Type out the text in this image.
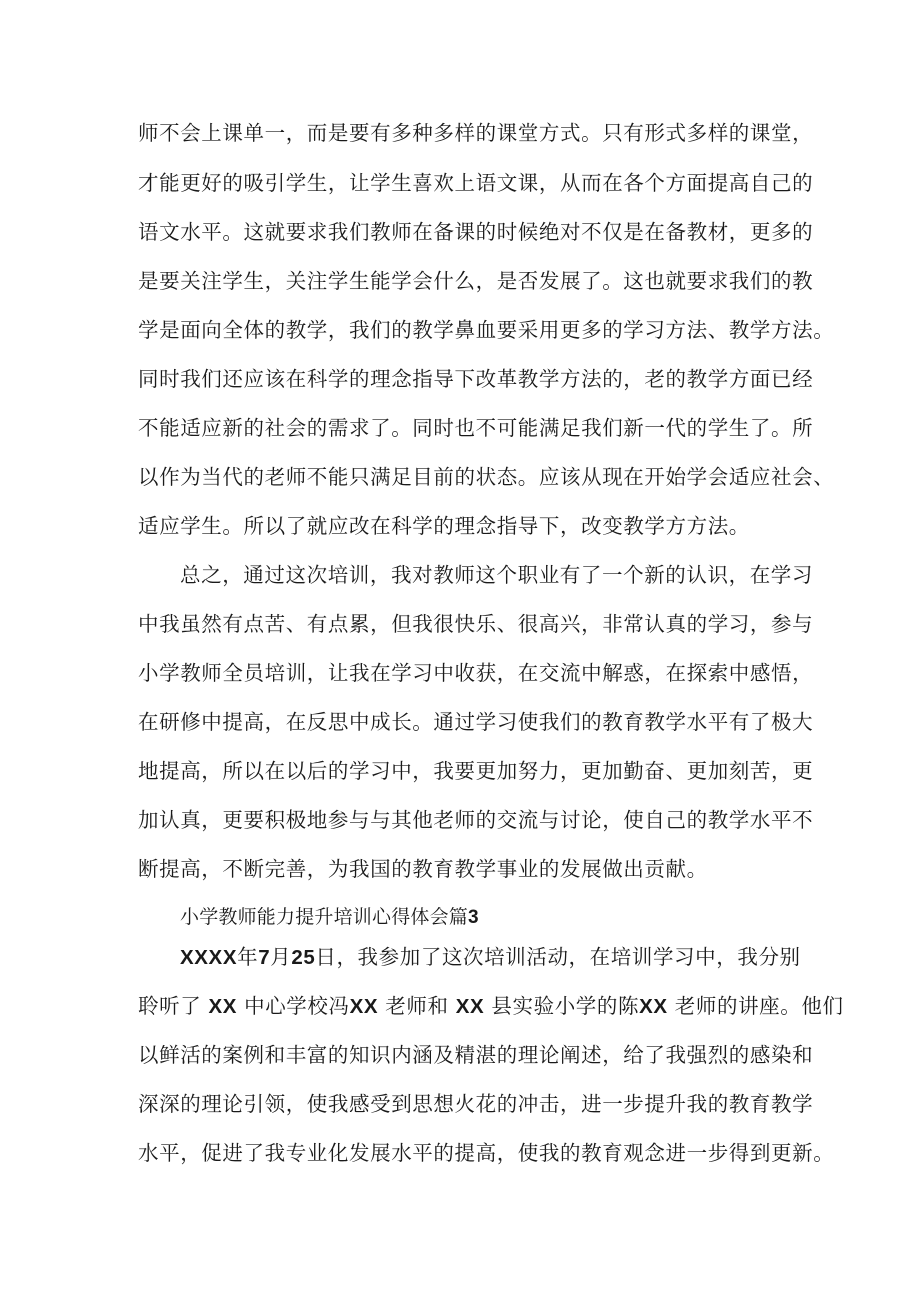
师不会上课单一，而是要有多种多样的课堂方式。只有形式多样的课堂，
才能更好的吸引学生，让学生喜欢上语文课，从而在各个方面提高自己的
语文水平。这就要求我们教师在备课的时候绝对不仅是在备教材，更多的
是要关注学生，关注学生能学会什么，是否发展了。这也就要求我们的教
学是面向全体的教学，我们的教学鼻血要采用更多的学习方法、教学方法。
同时我们还应该在科学的理念指导下改革教学方法的，老的教学方面已经
不能适应新的社会的需求了。同时也不可能满足我们新一代的学生了。所
以作为当代的老师不能只满足目前的状态。应该从现在开始学会适应社会、
适应学生。所以了就应改在科学的理念指导下，改变教学方方法。
总之，通过这次培训，我对教师这个职业有了一个新的认识，在学习
中我虽然有点苦、有点累，但我很快乐、很高兴，非常认真的学习，参与
小学教师全员培训，让我在学习中收获，在交流中解惑，在探索中感悟，
在研修中提高，在反思中成长。通过学习使我们的教育教学水平有了极大
地提高，所以在以后的学习中，我要更加努力，更加勤奋、更加刻苦，更
加认真，更要积极地参与与其他老师的交流与讨论，使自己的教学水平不
断提高，不断完善，为我国的教育教学事业的发展做出贡献。
小学教师能力提升培训心得体会篇3
XXXX年7月25日，我参加了这次培训活动，在培训学习中，我分别
聆听了 XX 中心学校冯XX 老师和 XX 县实验小学的陈XX 老师的讲座。他们
以鲜活的案例和丰富的知识内涵及精湛的理论阐述，给了我强烈的感染和
深深的理论引领，使我感受到思想火花的冲击，进一步提升我的教育教学
水平，促进了我专业化发展水平的提高，使我的教育观念进一步得到更新。
